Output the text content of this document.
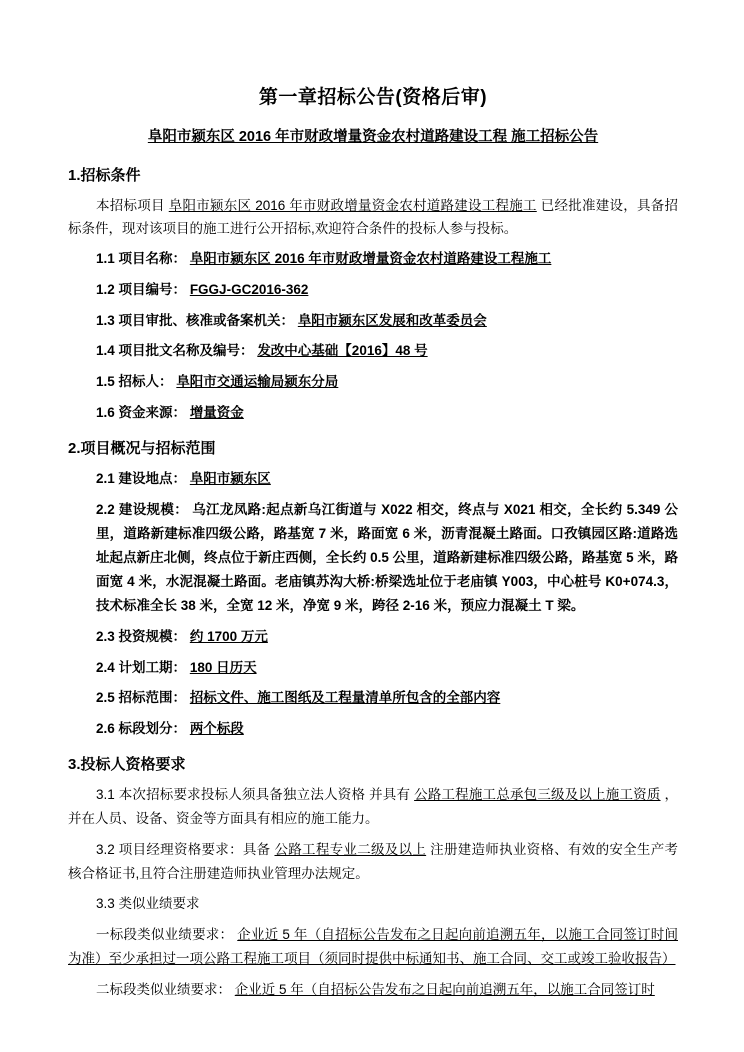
第一章招标公告(资格后审)
阜阳市颍东区 2016 年市财政增量资金农村道路建设工程 施工招标公告
1.招标条件
本招标项目 阜阳市颍东区 2016 年市财政增量资金农村道路建设工程施工 已经批准建设，具备招标条件，现对该项目的施工进行公开招标,欢迎符合条件的投标人参与投标。
1.1 项目名称： 阜阳市颍东区 2016 年市财政增量资金农村道路建设工程施工
1.2 项目编号： FGGJ-GC2016-362
1.3 项目审批、核准或备案机关： 阜阳市颍东区发展和改革委员会
1.4 项目批文名称及编号： 发改中心基础【2016】48 号
1.5 招标人： 阜阳市交通运输局颍东分局
1.6 资金来源： 增量资金
2.项目概况与招标范围
2.1 建设地点： 阜阳市颍东区
2.2 建设规模： 乌江龙凤路:起点新乌江街道与 X022 相交，终点与 X021 相交，全长约 5.349 公里，道路新建标准四级公路，路基宽 7 米，路面宽 6 米，沥青混凝土路面。口孜镇园区路:道路选址起点新庄北侧，终点位于新庄西侧，全长约 0.5 公里，道路新建标准四级公路，路基宽 5 米，路面宽 4 米，水泥混凝土路面。老庙镇苏沟大桥:桥梁选址位于老庙镇 Y003，中心桩号 K0+074.3，技术标准全长 38 米，全宽 12 米，净宽 9 米，跨径 2-16 米，预应力混凝土 T 梁。
2.3 投资规模： 约 1700 万元
2.4 计划工期： 180 日历天
2.5 招标范围： 招标文件、施工图纸及工程量清单所包含的全部内容
2.6 标段划分： 两个标段
3.投标人资格要求
3.1 本次招标要求投标人须具备独立法人资格 并具有 公路工程施工总承包三级及以上施工资质 ，并在人员、设备、资金等方面具有相应的施工能力。
3.2 项目经理资格要求：具备 公路工程专业二级及以上 注册建造师执业资格、有效的安全生产考核合格证书,且符合注册建造师执业管理办法规定。
3.3 类似业绩要求
一标段类似业绩要求： 企业近 5 年（自招标公告发布之日起向前追溯五年，以施工合同签订时间为准）至少承担过一项公路工程施工项目（须同时提供中标通知书、施工合同、交工或竣工验收报告）
二标段类似业绩要求： 企业近 5 年（自招标公告发布之日起向前追溯五年，以施工合同签订时
